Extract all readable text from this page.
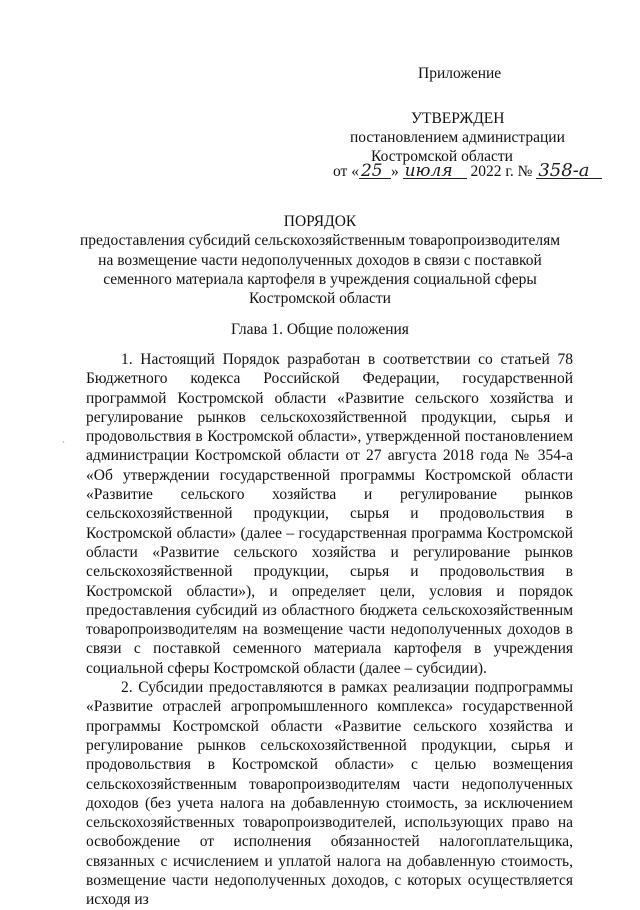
Приложение
УТВЕРЖДЕН
постановлением администрации
Костромской области
от « 25 » июля 2022 г. № 358-а
ПОРЯДОК
предоставления субсидий сельскохозяйственным товаропроизводителям
на возмещение части недополученных доходов в связи с поставкой
семенного материала картофеля в учреждения социальной сферы
Костромской области
Глава 1. Общие положения
`

1. Настоящий Порядок разработан в соответствии со статьей 78 Бюджетного кодекса Российской Федерации, государственной программой Костромской области «Развитие сельского хозяйства и регулирование рынков сельскохозяйственной продукции, сырья и продовольствия в Костромской области», утвержденной постановлением администрации Костромской области от 27 августа 2018 года № 354-а «Об утверждении государственной программы Костромской области «Развитие сельского хозяйства и регулирование рынков сельскохозяйственной продукции, сырья и продовольствия в Костромской области» (далее – государственная программа Костромской области «Развитие сельского хозяйства и регулирование рынков сельскохозяйственной продукции, сырья и продовольствия в Костромской области»), и определяет цели, условия и порядок предоставления субсидий из областного бюджета сельскохозяйственным товаропроизводителям на возмещение части недополученных доходов в связи с поставкой семенного материала картофеля в учреждения социальной сферы Костромской области (далее – субсидии).

2. Субсидии предоставляются в рамках реализации подпрограммы «Развитие отраслей агропромышленного комплекса» государственной программы Костромской области «Развитие сельского хозяйства и регулирование рынков сельскохозяйственной продукции, сырья и продовольствия в Костромской области» с целью возмещения сельскохозяйственным товаропроизводителям части недополученных доходов (без учета налога на добавленную стоимость, за исключением сельскохозяйственных товаропроизводителей, использующих право на освобождение от исполнения обязанностей налогоплательщика, связанных с исчислением и уплатой налога на добавленную стоимость, возмещение части недополученных доходов, с которых осуществляется исходя из
